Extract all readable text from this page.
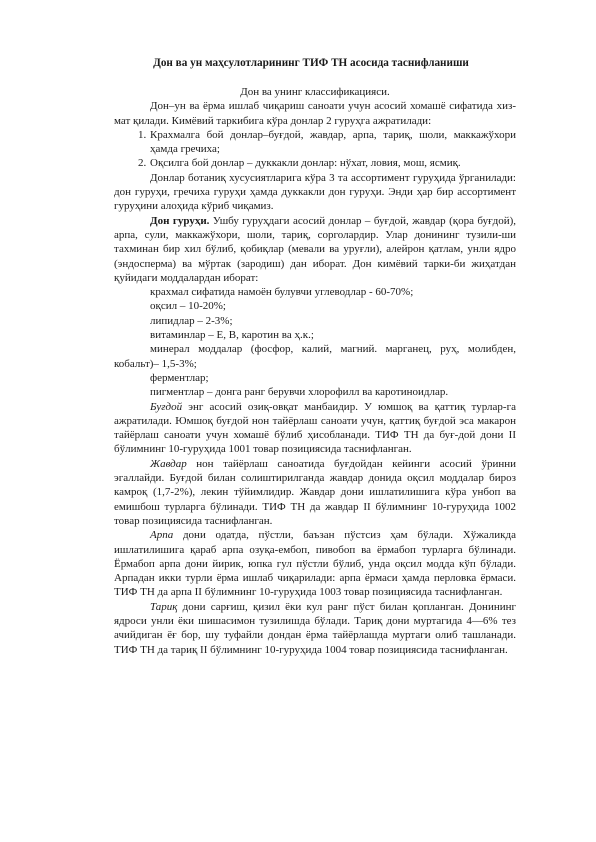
Дон ва ун маҳсулотларининг ТИФ ТН асосида таснифланиши
Дон ва унинг классификацияси.

Дон–ун ва ёрма ишлаб чиқариш саноати учун асосий хомашё сифатида хиз-мат қилади. Кимёвий таркибига кўра донлар 2 гуруҳга ажратилади:

1. Крахмалга бой донлар–буғдой, жавдар, арпа, тариқ, шоли, маккажўхори ҳамда гречиха;
2. Оқсилга бой донлар – дуккакли донлар: нўхат, ловия, мош, ясмиқ.

Донлар ботаниқ хусусиятларига кўра 3 та ассортимент гуруҳида ўрганилади: дон гуруҳи, гречиха гуруҳи ҳамда дуккакли дон гуруҳи. Энди ҳар бир ассортимент гуруҳини алоҳида кўриб чиқамиз.

Дон гуруҳи. Ушбу гуруҳдаги асосий донлар – буғдой, жавдар (қора буғдой), арпа, сули, маккажўхори, шоли, тариқ, сорголардир. Улар донининг тузили-ши тахминан бир хил бўлиб, қобиқлар (мевали ва уруғли), алейрон қатлам, унли ядро (эндосперма) ва мўртак (зародиш) дан иборат. Дон кимёвий тарки-би жиҳатдан қуйидаги моддалардан иборат:

крахмал сифатида намоён булувчи углеводлар - 60-70%;

оқсил – 10-20%;

липидлар – 2-3%;

витаминлар – Е, В, каротин ва ҳ.к.;

минерал моддалар (фосфор, калий, магний. марганец, руҳ, молибден, кобальт)– 1,5-3%;

ферментлар;

пигментлар – донга ранг берувчи хлорофилл ва каротиноидлар.

Буғдой энг асосий озиқ-овқат манбаидир. У юмшоқ ва қаттиқ турлар-га ажратилади. Юмшоқ буғдой нон тайёрлаш саноати учун, қаттиқ буғдой эса макарон тайёрлаш саноати учун хомашё бўлиб ҳисобланади. ТИФ ТН да буғ-дой дони II бўлимнинг 10-гуруҳида 1001 товар позициясида таснифланган.

Жавдар нон тайёрлаш саноатида буғдойдан кейинги асосий ўринни эгаллайди. Буғдой билан солиштирилганда жавдар донида оқсил моддалар бироз камроқ (1,7-2%), лекин тўйимлидир. Жавдар дони ишлатилишига кўра унбоп ва емишбош турларга бўлинади. ТИФ ТН да жавдар II бўлимнинг 10-гуруҳида 1002 товар позициясида таснифланган.

Арпа дони одатда, пўстли, баъзан пўстсиз ҳам бўлади. Хўжаликда ишлатилишига қараб арпа озуқа-ембоп, пивобоп ва ёрмабоп турларга бўлинади. Ёрмабоп арпа дони йирик, юпка гул пўстли бўлиб, унда оқсил модда кўп бўлади. Арпадан икки турли ёрма ишлаб чиқарилади: арпа ёрмаси ҳамда перловка ёрмаси. ТИФ ТН да арпа II бўлимнинг 10-гуруҳида 1003 товар позициясида таснифланган.

Тариқ дони сарғиш, қизил ёки кул ранг пўст билан қопланган. Донининг ядроси унли ёки шишасимон тузилишда бўлади. Тариқ дони муртагида 4—6% тез ачийдиган ёғ бор, шу туфайли дондан ёрма тайёрлашда муртаги олиб ташланади. ТИФ ТН да тариқ II бўлимнинг 10-гуруҳида 1004 товар позициясида таснифланган.
